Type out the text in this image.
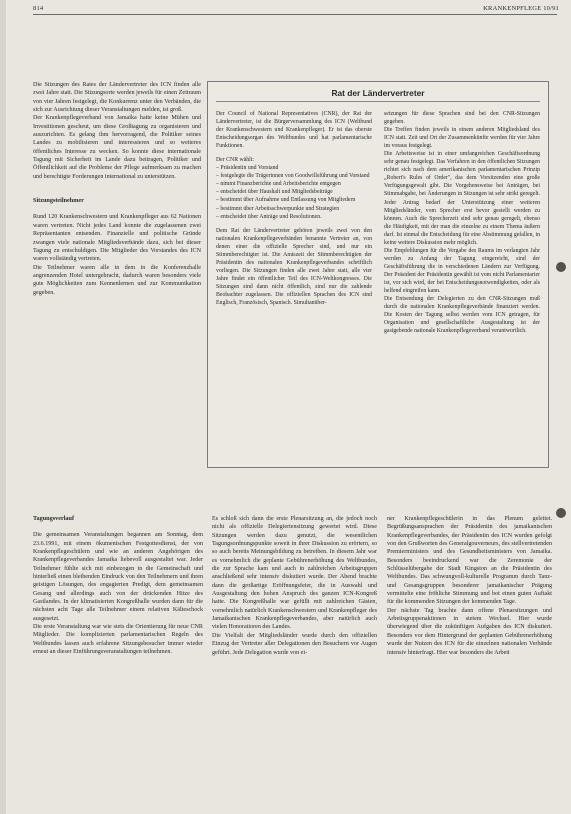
814	KRANKENPFLEGE 10/91

Die Sitzungen des Rates der Ländervertreter des ICN finden alle zwei Jahre statt. Die Sitzungsorte werden jeweils für einen Zeitraum von vier Jahren festgelegt, die Konkurrenz unter den Verbänden, die sich zur Ausrichtung dieser Veranstaltungen melden, ist groß.

Der Krankenpflegeverband von Jamaika hatte keine Mühen und Investitionen gescheut, um diese Großtagung zu organisieren und auszurichten. Es gelang ihm hervorragend, die Politiker seines Landes zu mobilisieren und interessieren und so weiteres öffentliches Interesse zu wecken. So konnte diese internationale Tagung mit Sicherheit im Lande dazu beitragen, Politiker und Öffentlichkeit auf die Probleme der Pflege aufmerksam zu machen und berechtigte Forderungen international zu unterstützen.

Sitzungsteilnehmer

Rund 120 Krankenschwestern und Krankenpfleger aus 62 Nationen waren vertreten. Nicht jedes Land konnte die zugelassenen zwei Repräsentanten entsenden. Finanzielle und politische Gründe zwangen viele nationale Mitgliedsverbände dazu, sich bei dieser Tagung zu entschuldigen. Die Mitglieder des Vorstandes des ICN waren vollständig vertreten.

Die Teilnehmer waren alle in dem in die Konferenzhalle angrenzenden Hotel untergebracht, dadurch waren besonders viele gute Möglichkeiten zum Kennenlernen und zur Kommunikation gegeben.

Rat der Ländervertreter

Der Council of National Representatives (CNR), der Rat der Ländervertreter, ist die Bürgerversammlung des ICN (Weltbund der Krankenschwestern und Krankenpfleger). Er ist das oberste Entscheidungsorgan des Weltbundes und hat parlamentarische Funktionen.

Der CNR wählt:

– Präsidentin und Vorstand
– festgelegte die Trägerinnen von Goodwillsführung und Vorstand
– nimmt Finanzberichte und Arbeitsberichte entgegen
– entscheidet über Haushalt und Mitgliedsbeiträge
– bestimmt über Aufnahme und Entlassung von Mitgliedern
– bestimmt über Arbeitsschwerpunkte und Strategien
– entscheidet über Anträge und Resolutionen.

Dem Rat der Ländervertreter gehören jeweils zwei von den nationalen Krankenpflegeverbänden benannte Vertreter an, von denen einer die offizielle Sprecher sind, und nur ein Stimmberechtigter ist. Die Amtszeit der Stimmberechtigten der Präsidentin des nationalen Krankenpflegeverbandes schriftlich vorliegen. Die Sitzungen finden alle zwei Jahre statt, alle vier Jahre findet ein öffentlicher Teil des ICN-Weltkongresses. Die Sitzungen sind dann nicht öffentlich, sind nur die zahlende Beobachter zugelassen. Die offiziellen Sprachen des ICN sind Englisch, Französisch, Spanisch. Simultanüber-

setzungen für diese Sprachen sind bei den CNR-Sitzungen gegeben.

Die Treffen finden jeweils in einem anderen Mitgliedsland des ICN statt. Zeit und Ort der Zusammenkünfte werden für vier Jahre im voraus festgelegt.

Die Arbeitsweise ist in einer umfangreichen Geschäftsordnung sehr genau festgelegt. Das Verfahren in den öffentlichen Sitzungen richtet sich nach dem amerikanischen parlamentarischen Prinzip „Robert's Rules of Order", das dem Vorsitzenden eine große Verfügungsgewalt gibt. Die Vorgehensweise bei Anträgen, bei Stimmabgabe, bei Änderungen in Sitzungen ist sehr strikt geregelt. Jeder Antrag bedarf der Unterstützung einer weiteren Mitgliedsländer, vom Sprecher erst bevor gestellt werden zu können. Auch die Sprecherzeit sind sehr genau geregelt, ebenso die Häufigkeit, mit der man die einzelne zu einem Thema äußern darf. Ist einmal die Entscheidung für eine Abstimmung gefallen, in keine weitere Diskussion mehr möglich.

Die Empfehlungen für die Vergabe des Raums im verlangten Jahr werden zu Anfang der Tagung eingereicht, sind der Geschäftsführung die in verschiedenen Ländern zur Verfügung. Der Präsident der Präsidentin gewählt ist vom nicht Parlamentarier ist, vor sich wird, der bei Entscheidungsnotwendigkeiten, oder als helfend eingreifen kann.

Die Entsendung der Delegierten zu den CNR-Sitzungen muß durch die nationalen Krankenpflegeverbände finanziert werden. Die Kosten der Tagung selbst werden vom ICN getragen, für Organisation und gesellschaftliche Ausgestaltung ist der gastgebende nationale Krankenpflegeverband verantwortlich.

Tagungsverlauf

Die gemeinsamen Veranstaltungen begannen am Sonntag, dem 23.6.1991, mit einem ökumenischen Festgottesdienst, der von Krankenpflegeschülern und wie an anderen Angehörigen des Krankenpflegeverbandes Jamaika liebevoll ausgestaltet war. Jeder Teilnehmer fühlte sich mit einbezogen in die Gemeinschaft und hinterließ einen bleibenden Eindruck von den Teilnehmern und ihren geistigen Lösungen, des engagierten Predigt, dem gemeinsamen Gesang und allerdings auch von der drückenden Hitze des Gastlandes. In der klimatisierten Kongreßhalle wurden dann für die nächsten acht Tage alle Teilnehmer einem relativen Kälteschock ausgesetzt.

Die erste Veranstaltung war wie stets die Orientierung für neue CNR Mitglieder. Die komplizierten parlamentarischen Regeln des Weltbundes lassen auch erfahrene Sitzungsbesucher immer wieder erneut an dieser Einführungsveranstaltungen teilnehmen.

Es schloß sich dann die erste Plenarsitzung an, die jedoch noch nicht als offizielle Delegiertensitzung gewertet wird. Diese Sitzungen werden dazu genutzt, die wesentlichen Tagungsordnungspunkte soweit in ihrer Diskussion zu erörtern, so so auch bereits Meinungsbildung zu betreiben. In diesem Jahr war es vornehmlich die geplante Gebührenerhöhung des Weltbundes, die zur Sprache kam und auch in zahlreichen Arbeitsgruppen anschließend sehr intensiv diskutiert wurde. Der Abend brachte dann die großartige Eröffnungsfeier, die in Auswahl und Ausgestaltung den hohen Anspruch des ganzen ICN-Kongreß hatte. Die Kongreßhalle war gefüllt mit zahlreichen Gästen, vornehmlich natürlich Krankenschwestern und Krankenpfleger des Jamaikanischen Krankenpflegeverbandes, aber natürlich auch vielen Honoratioren des Landes.

Die Vielfalt der Mitgliedsländer wurde durch den offiziellen Einzug der Vertreter aller Delegationen den Besuchern vor Augen geführt. Jede Delegation wurde von ei-

ner Krankenpflegeschülerin in das Plenum geleitet. Begrüßungsansprachen der Präsidentin des jamaikanischen Krankenpflegeverbandes, der Präsidentin des ICN wurden gefolgt von den Grußworten des Generalgouverneurs, des stellvertretenden Premierministers und des Gesundheitsministers von Jamaika. Besonders beeindruckend war die Zeremonie der Schlüsselübergabe der Stadt Kingston an die Präsidentin des Weltbundes. Das schwungvoll-kulturelle Programm durch Tanz- und Gesangsgruppen besonderer jamaikanischer Prägung vermittelte eine fröhliche Stimmung und bot einen guten Auftakt für die kommenden Sitzungen der kommenden Tage.

Der nächste Tag brachte dann offene Plenarsitzungen und Arbeitsgruppenaktionen in stetem Wechsel. Hier wurde überwiegend über die zukünftigen Aufgaben des ICN diskutiert. Besonders vor dem Hintergrund der geplanten Gebührenerhöhung wurde der Nutzen des ICN für die einzelnen nationalen Verbände intensiv hinterfragt. Hier war besonders die Arbeit
